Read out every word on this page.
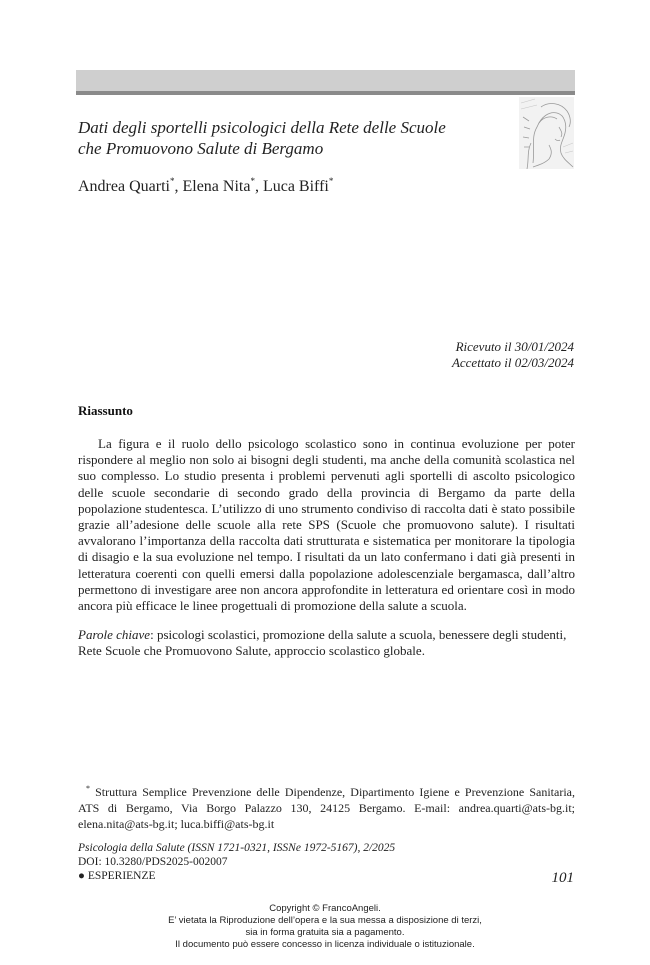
Dati degli sportelli psicologici della Rete delle Scuole
che Promuovono Salute di Bergamo
Andrea Quarti*, Elena Nita*, Luca Biffi*
Ricevuto il 30/01/2024
Accettato il 02/03/2024
Riassunto
La figura e il ruolo dello psicologo scolastico sono in continua evoluzione per poter rispondere al meglio non solo ai bisogni degli studenti, ma anche della comunità scolastica nel suo complesso. Lo studio presenta i problemi pervenuti agli sportelli di ascolto psicologico delle scuole secondarie di secondo grado della provincia di Bergamo da parte della popolazione studentesca. L’utilizzo di uno strumento condiviso di raccolta dati è stato possibile grazie all’adesione delle scuole alla rete SPS (Scuole che promuovono salute). I risultati avvalorano l’importanza della raccolta dati strutturata e sistematica per monitorare la tipologia di disagio e la sua evoluzione nel tempo. I risultati da un lato confermano i dati già presenti in letteratura coerenti con quelli emersi dalla popolazione adolescenziale bergamasca, dall’altro permettono di investigare aree non ancora approfondite in letteratura ed orientare così in modo ancora più efficace le linee progettuali di promozione della salute a scuola.
Parole chiave: psicologi scolastici, promozione della salute a scuola, benessere degli studenti, Rete Scuole che Promuovono Salute, approccio scolastico globale.
* Struttura Semplice Prevenzione delle Dipendenze, Dipartimento Igiene e Prevenzione Sanitaria, ATS di Bergamo, Via Borgo Palazzo 130, 24125 Bergamo. E-mail: andrea.quarti@ats-bg.it; elena.nita@ats-bg.it; luca.biffi@ats-bg.it
Psicologia della Salute (ISSN 1721-0321, ISSNe 1972-5167), 2/2025
DOI: 10.3280/PDS2025-002007
● ESPERIENZE	101
Copyright © FrancoAngeli.
E’ vietata la Riproduzione dell’opera e la sua messa a disposizione di terzi,
sia in forma gratuita sia a pagamento.
Il documento può essere concesso in licenza individuale o istituzionale.
